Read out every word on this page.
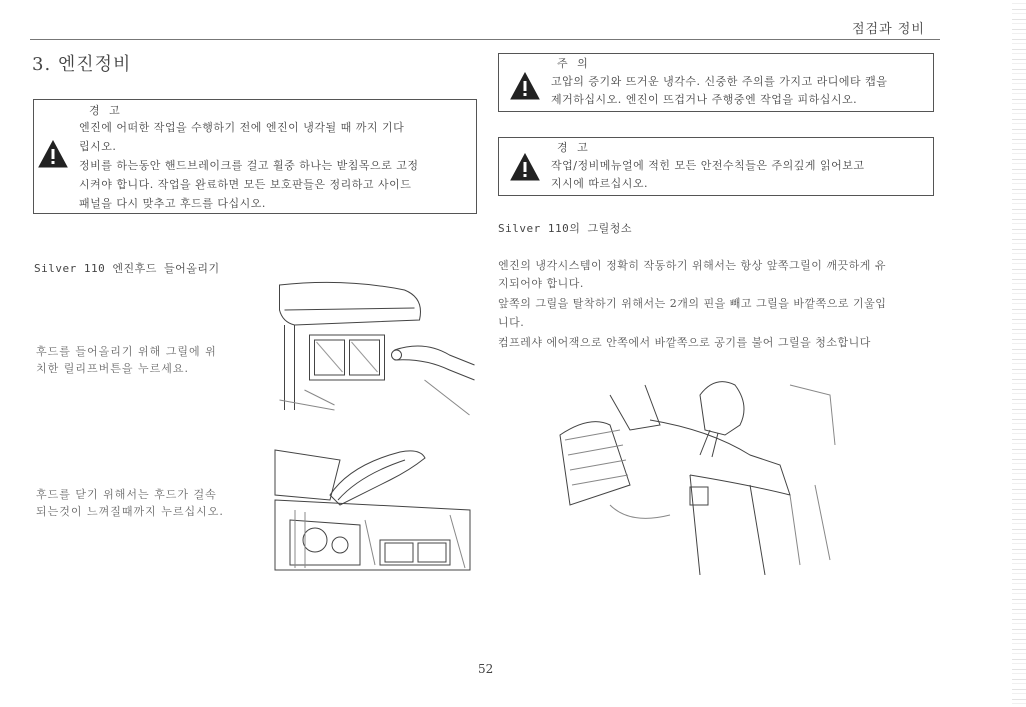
점검과 정비
3. 엔진정비
경 고
엔진에 어떠한 작업을 수행하기 전에 엔진이 냉각될 때 까지 기다
립시오.
정비를 하는동안 핸드브레이크를 걸고 휠중 하나는 받침목으로 고정
시켜야 합니다. 작업을 완료하면 모든 보호판들은 정리하고 사이드
패널을 다시 맞추고 후드를 다십시오.
Silver 110 엔진후드 들어올리기
후드를 들어올리기 위해 그릴에 위
치한 릴리프버튼을 누르세요.
후드를 닫기 위해서는 후드가 걸속
되는것이 느껴질때까지 누르십시오.
주 의
고압의 증기와 뜨거운 냉각수. 신중한 주의를 가지고 라디에타 캡을
제거하십시오. 엔진이 뜨겁거나 주행중엔 작업을 피하십시오.
경 고
작업/정비메뉴얼에 적힌 모든 안전수칙들은 주의깊게 읽어보고
지시에 따르십시오.
Silver 110의 그릴청소
엔진의 냉각시스템이 정확히 작동하기 위해서는 항상 앞쪽그릴이 깨끗하게 유
지되어야 합니다.
앞쪽의 그릴을 탈착하기 위해서는 2개의 핀을 빼고 그릴을 바깥쪽으로 기울입
니다.
컴프레샤 에어잭으로 안쪽에서 바깥쪽으로 공기를 불어 그릴을 청소합니다
52
